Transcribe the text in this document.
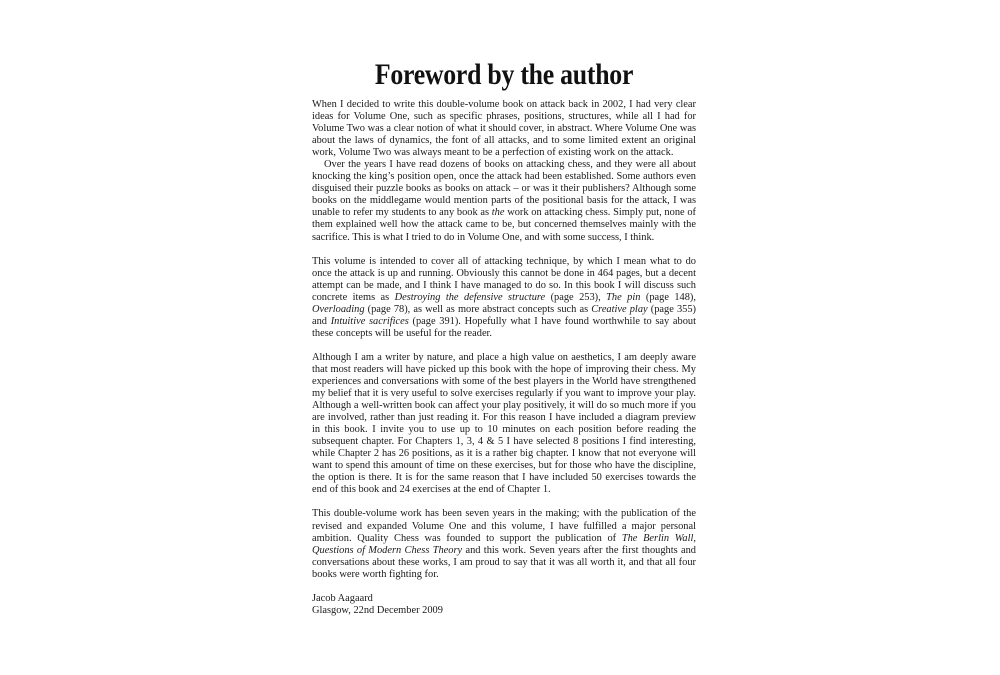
Foreword by the author

When I decided to write this double-volume book on attack back in 2002, I had very clear ideas for Volume One, such as specific phrases, positions, structures, while all I had for Volume Two was a clear notion of what it should cover, in abstract. Where Volume One was about the laws of dynamics, the font of all attacks, and to some limited extent an original work, Volume Two was always meant to be a perfection of existing work on the attack.

Over the years I have read dozens of books on attacking chess, and they were all about knocking the king’s position open, once the attack had been established. Some authors even disguised their puzzle books as books on attack – or was it their publishers? Although some books on the middlegame would mention parts of the positional basis for the attack, I was unable to refer my students to any book as the work on attacking chess. Simply put, none of them explained well how the attack came to be, but concerned themselves mainly with the sacrifice. This is what I tried to do in Volume One, and with some success, I think.

This volume is intended to cover all of attacking technique, by which I mean what to do once the attack is up and running. Obviously this cannot be done in 464 pages, but a decent attempt can be made, and I think I have managed to do so. In this book I will discuss such concrete items as Destroying the defensive structure (page 253), The pin (page 148), Overloading (page 78), as well as more abstract concepts such as Creative play (page 355) and Intuitive sacrifices (page 391). Hopefully what I have found worthwhile to say about these concepts will be useful for the reader.

Although I am a writer by nature, and place a high value on aesthetics, I am deeply aware that most readers will have picked up this book with the hope of improving their chess. My experiences and conversations with some of the best players in the World have strengthened my belief that it is very useful to solve exercises regularly if you want to improve your play. Although a well-written book can affect your play positively, it will do so much more if you are involved, rather than just reading it. For this reason I have included a diagram preview in this book. I invite you to use up to 10 minutes on each position before reading the subsequent chapter. For Chapters 1, 3, 4 & 5 I have selected 8 positions I find interesting, while Chapter 2 has 26 positions, as it is a rather big chapter. I know that not everyone will want to spend this amount of time on these exercises, but for those who have the discipline, the option is there. It is for the same reason that I have included 50 exercises towards the end of this book and 24 exercises at the end of Chapter 1.

This double-volume work has been seven years in the making; with the publication of the revised and expanded Volume One and this volume, I have fulfilled a major personal ambition. Quality Chess was founded to support the publication of The Berlin Wall, Questions of Modern Chess Theory and this work. Seven years after the first thoughts and conversations about these works, I am proud to say that it was all worth it, and that all four books were worth fighting for.

Jacob Aagaard
Glasgow, 22nd December 2009
